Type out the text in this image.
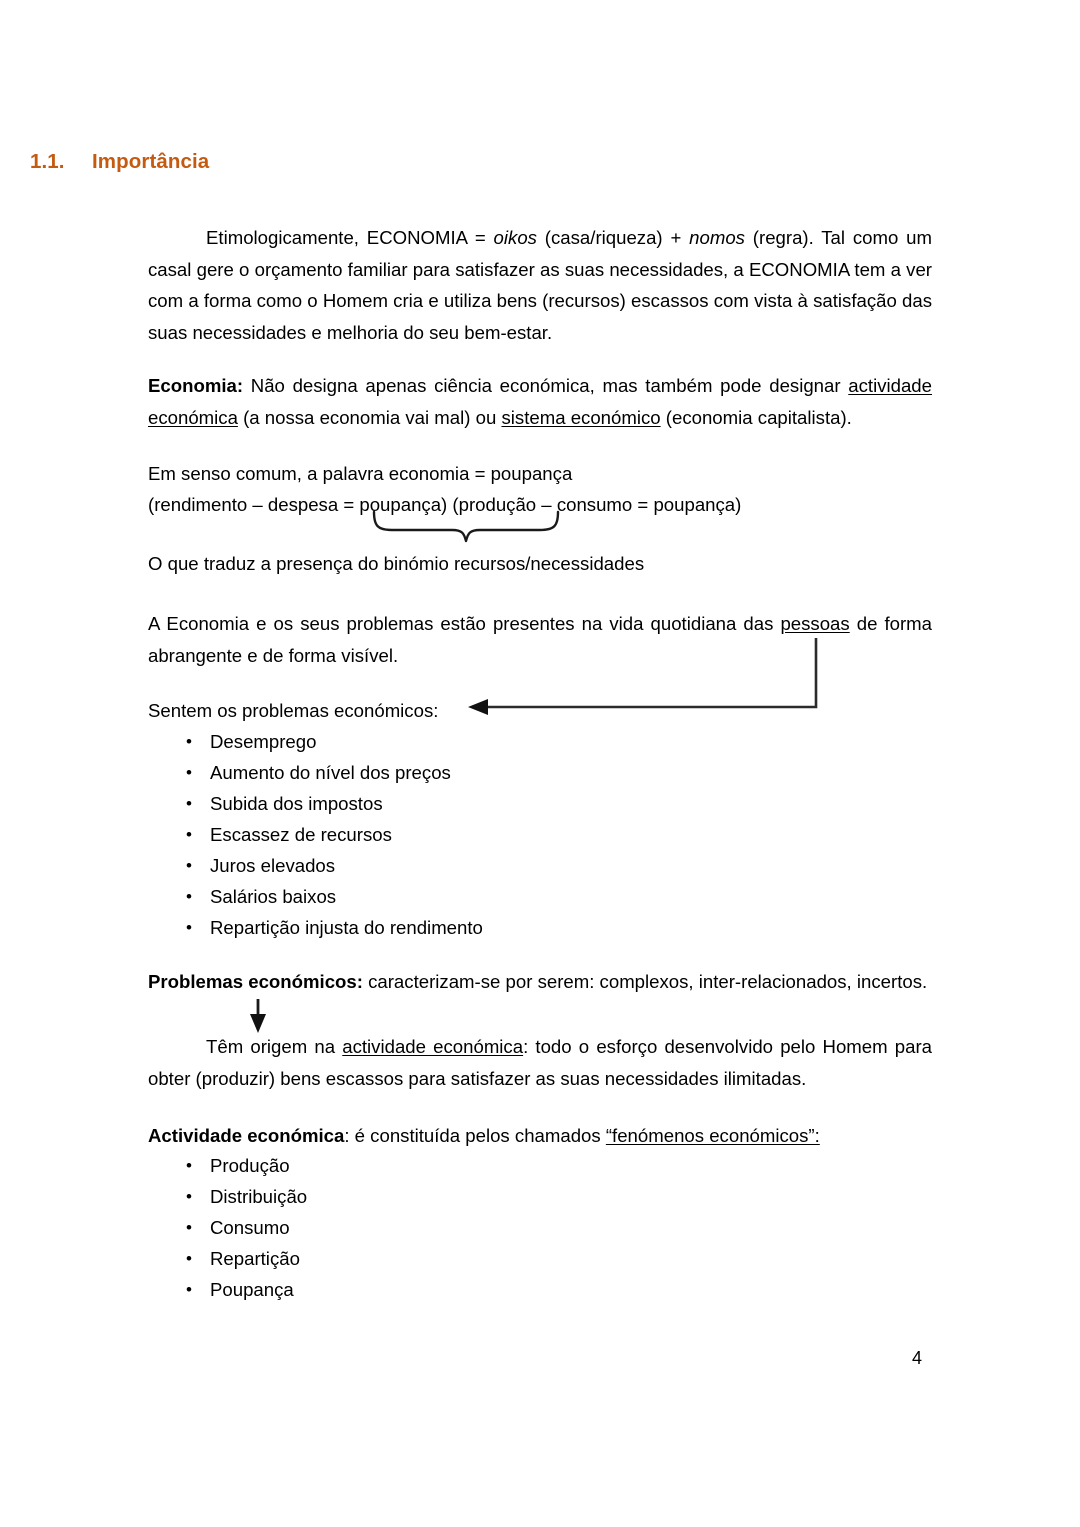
1.1. Importância

Etimologicamente, ECONOMIA = oikos (casa/riqueza) + nomos (regra). Tal como um casal gere o orçamento familiar para satisfazer as suas necessidades, a ECONOMIA tem a ver com a forma como o Homem cria e utiliza bens (recursos) escassos com vista à satisfação das suas necessidades e melhoria do seu bem-estar.

Economia: Não designa apenas ciência económica, mas também pode designar actividade económica (a nossa economia vai mal) ou sistema económico (economia capitalista).

Em senso comum, a palavra economia = poupança

(rendimento – despesa = poupança) (produção – consumo = poupança)

O que traduz a presença do binómio recursos/necessidades

A Economia e os seus problemas estão presentes na vida quotidiana das pessoas de forma abrangente e de forma visível.

Sentem os problemas económicos:

• Desemprego
• Aumento do nível dos preços
• Subida dos impostos
• Escassez de recursos
• Juros elevados
• Salários baixos
• Repartição injusta do rendimento

Problemas económicos: caracterizam-se por serem: complexos, inter-relacionados, incertos.

Têm origem na actividade económica: todo o esforço desenvolvido pelo Homem para obter (produzir) bens escassos para satisfazer as suas necessidades ilimitadas.

Actividade económica: é constituída pelos chamados “fenómenos económicos”:

• Produção
• Distribuição
• Consumo
• Repartição
• Poupança
4
